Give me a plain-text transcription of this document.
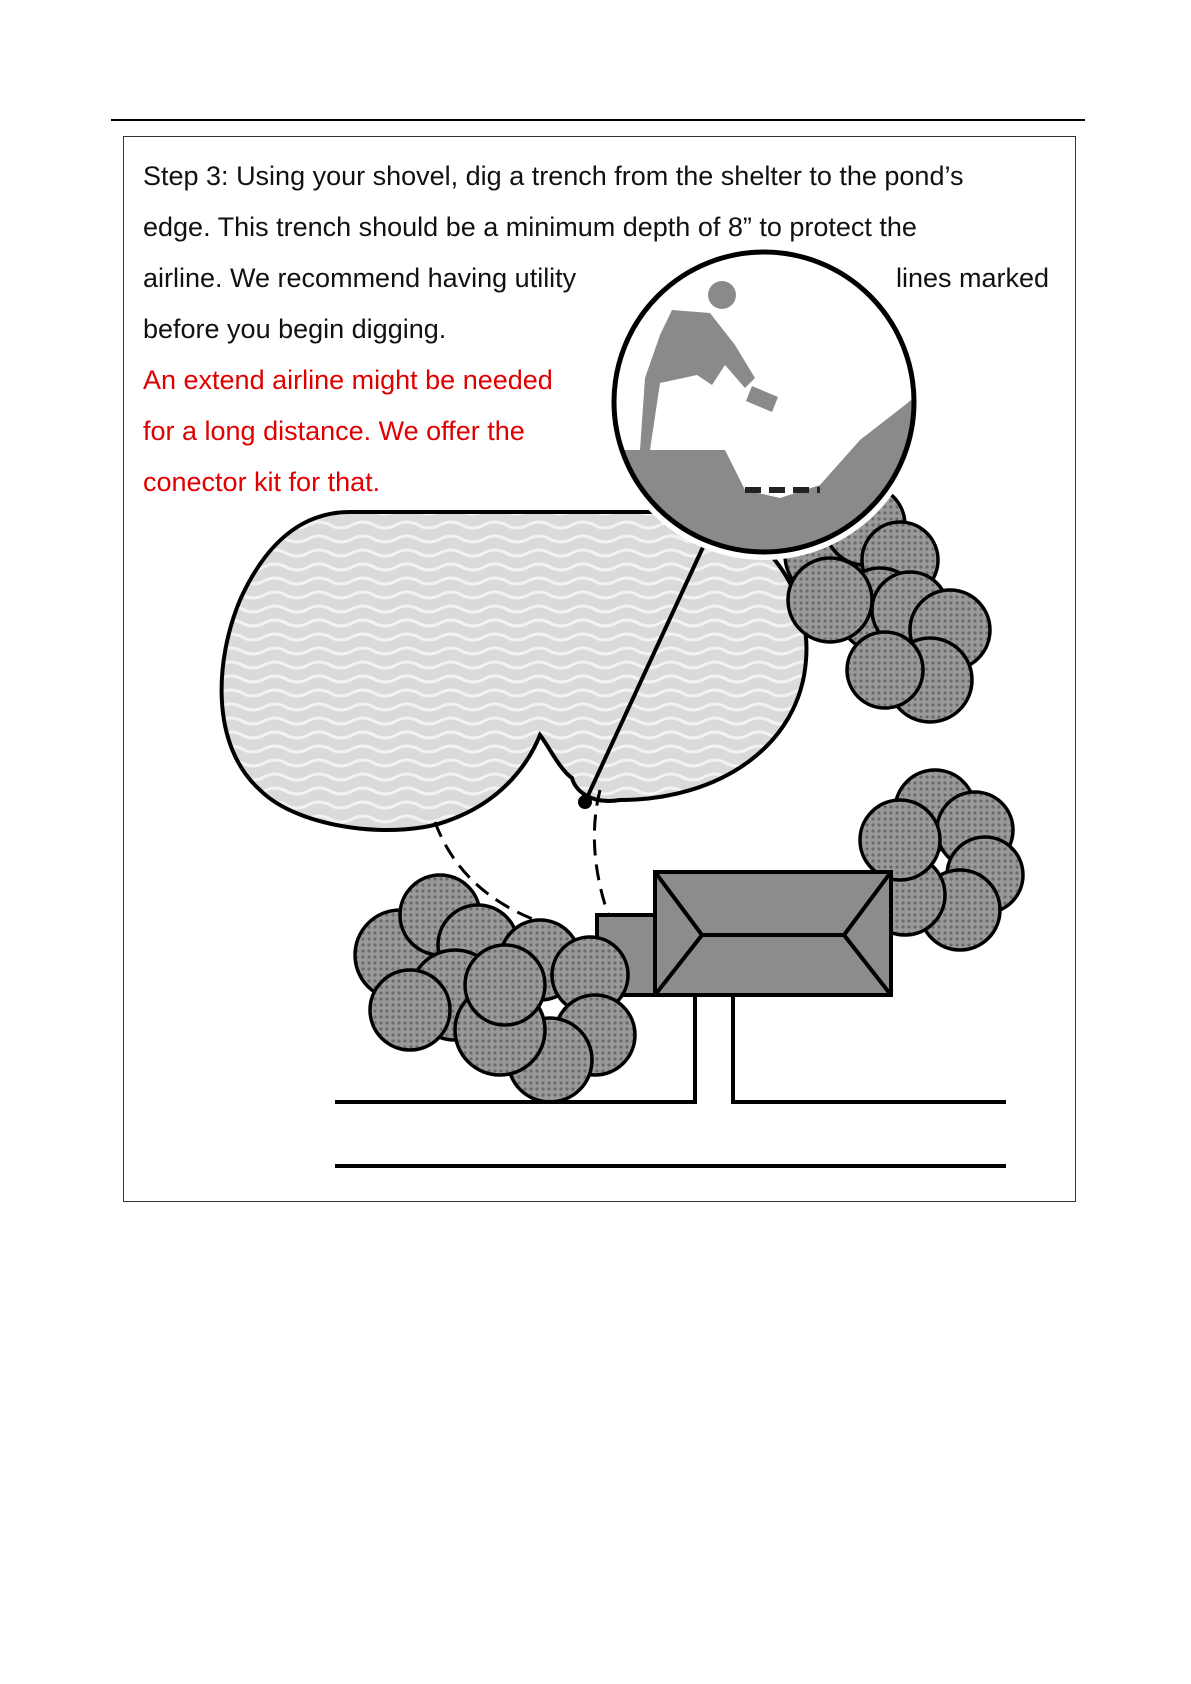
Step 3: Using your shovel, dig a trench from the shelter to the pond’s
edge. This trench should be a minimum depth of 8” to protect the
airline. We recommend having utility	lines marked
before you begin digging.
An extend airline might be needed
for a long distance. We offer the
conector kit for that.
